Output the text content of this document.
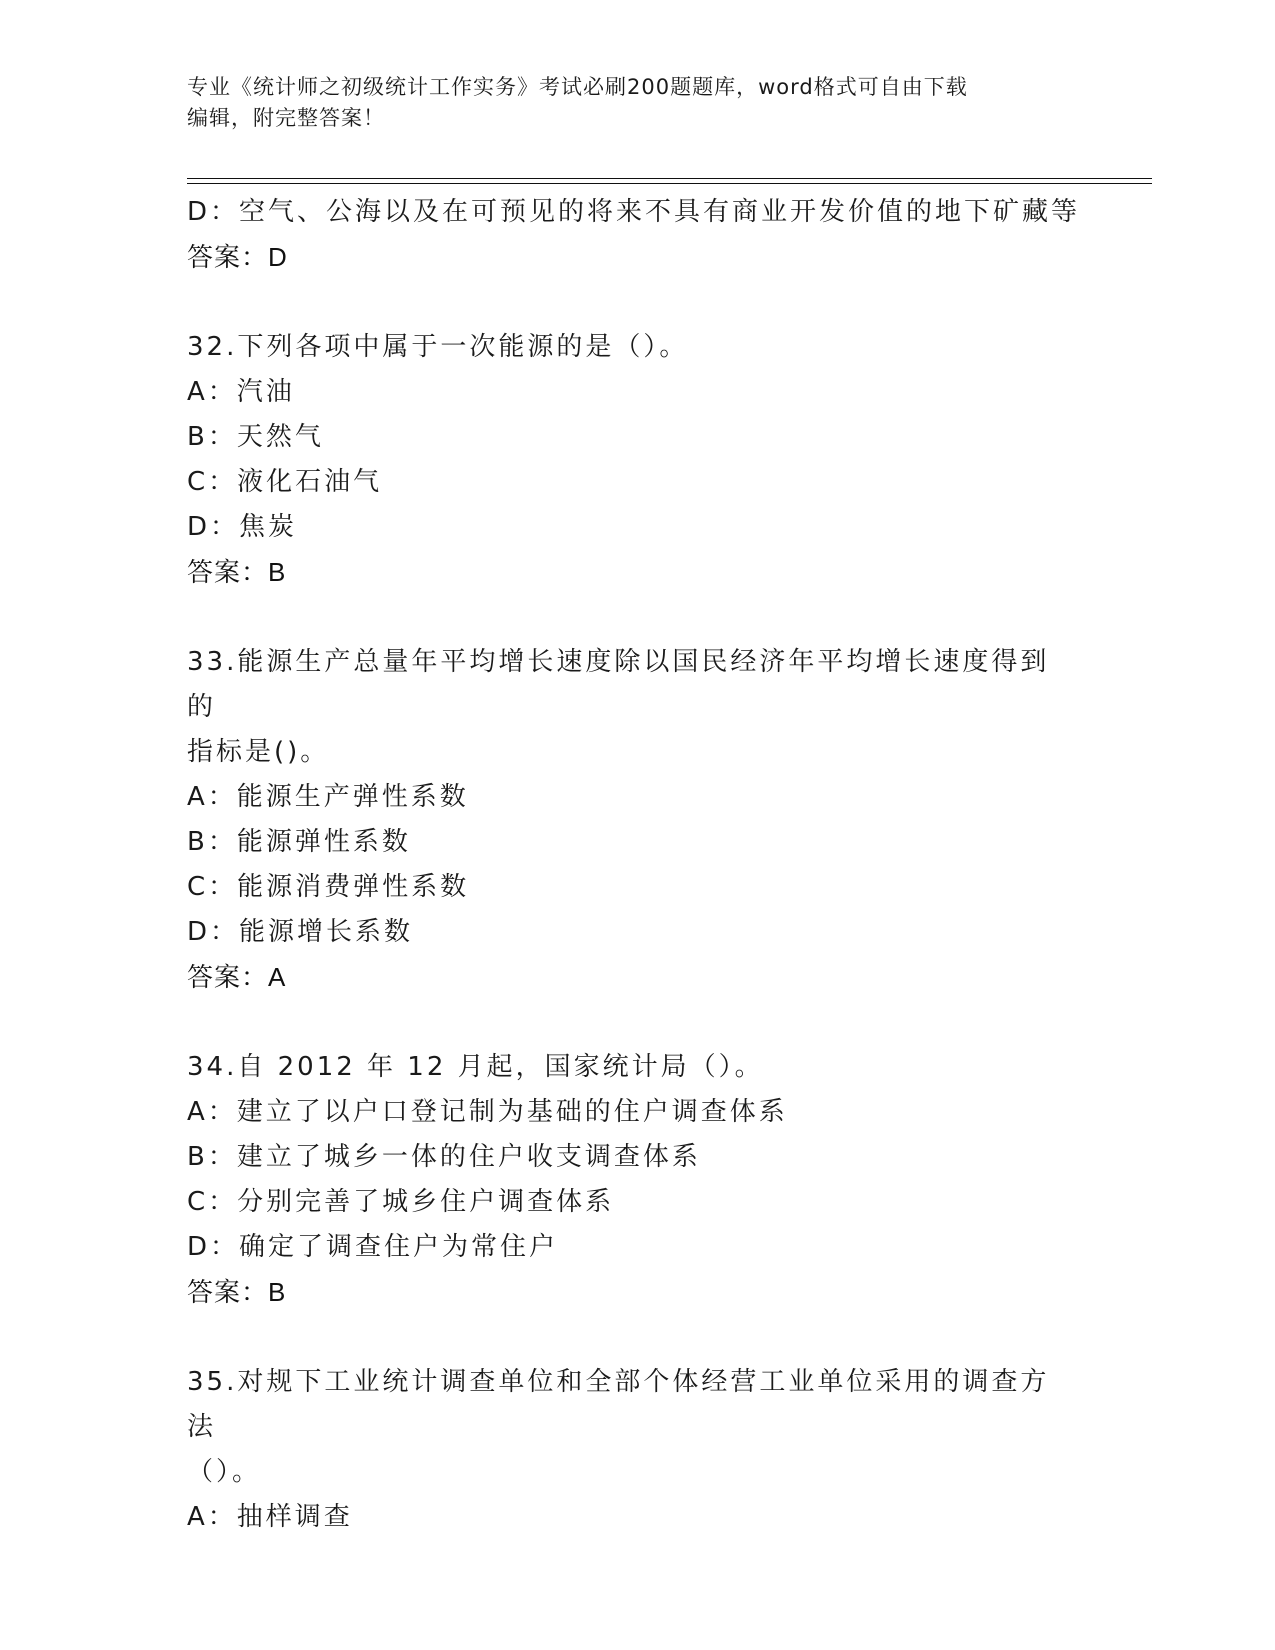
专业《统计师之初级统计工作实务》考试必刷200题题库，word格式可自由下载
编辑，附完整答案！
D：空气、公海以及在可预见的将来不具有商业开发价值的地下矿藏等
答案：D
32.下列各项中属于一次能源的是（）。
A：汽油
B：天然气
C：液化石油气
D：焦炭
答案：B
33.能源生产总量年平均增长速度除以国民经济年平均增长速度得到的
指标是()。
A：能源生产弹性系数
B：能源弹性系数
C：能源消费弹性系数
D：能源增长系数
答案：A
34.自 2012 年 12 月起，国家统计局（）。
A：建立了以户口登记制为基础的住户调查体系
B：建立了城乡一体的住户收支调查体系
C：分别完善了城乡住户调查体系
D：确定了调查住户为常住户
答案：B
35.对规下工业统计调查单位和全部个体经营工业单位采用的调查方法
（）。
A：抽样调查
